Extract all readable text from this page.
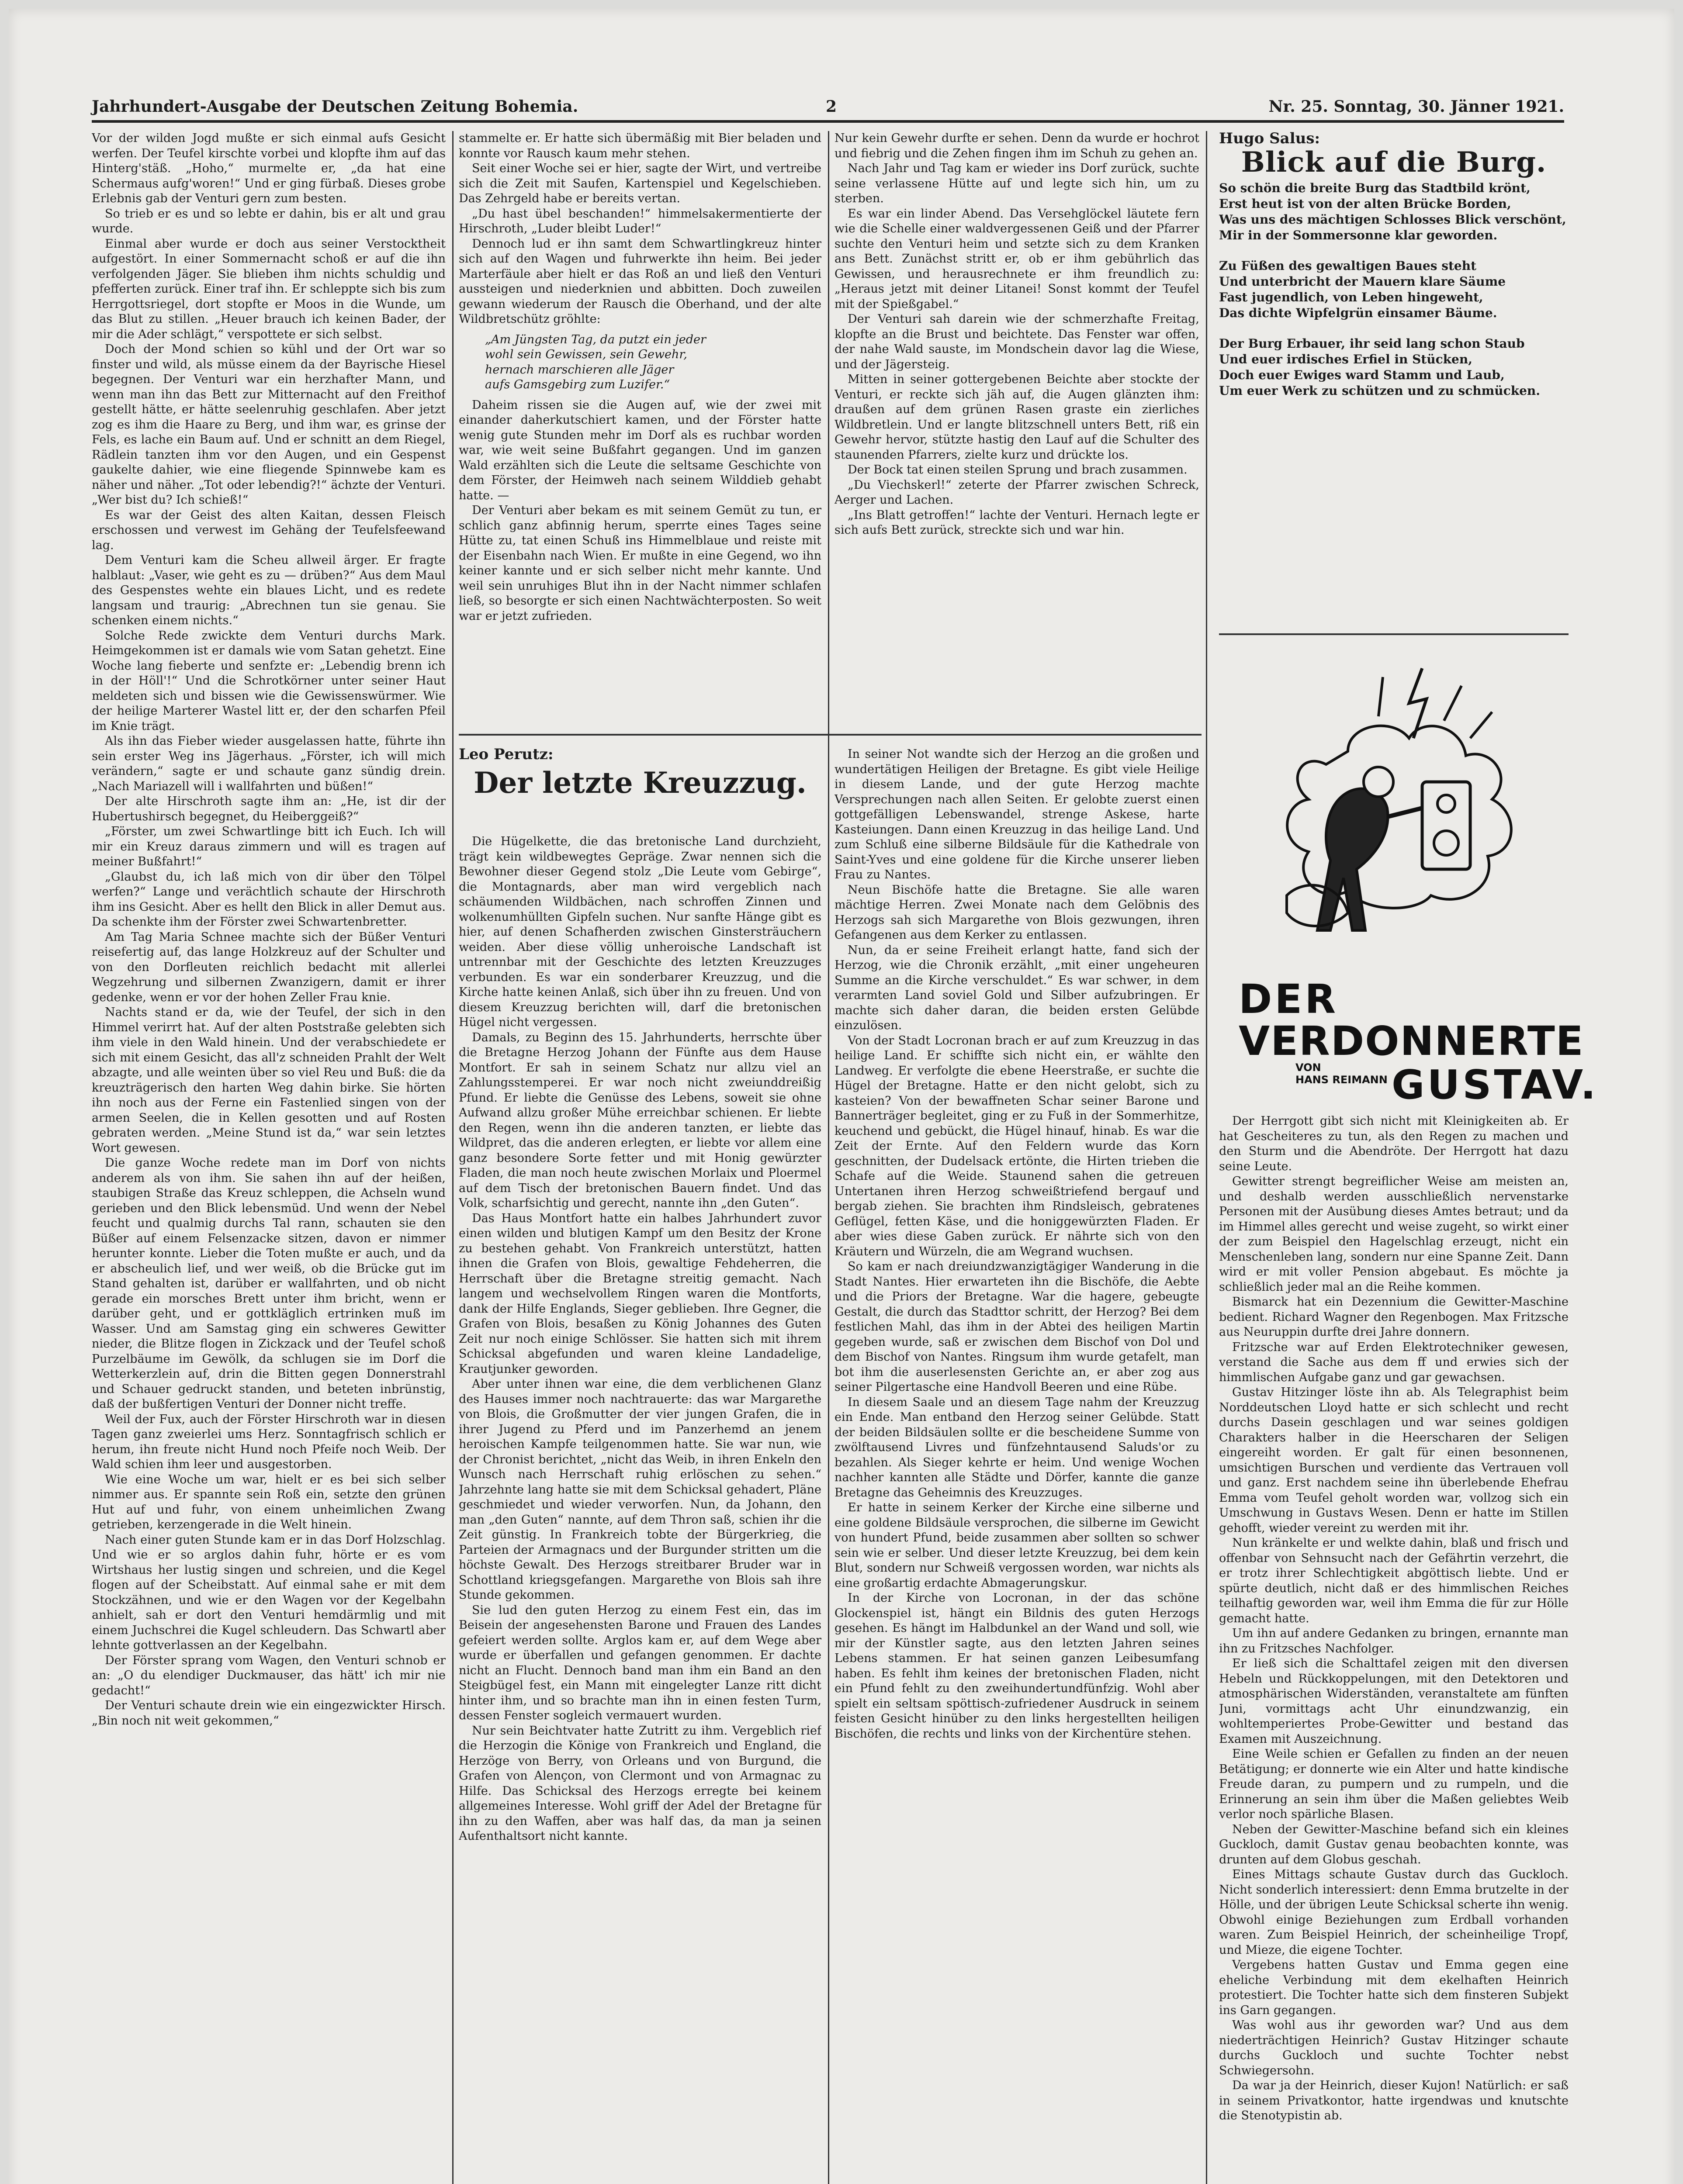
Jahrhundert-Ausgabe der Deutschen Zeitung Bohemia.	2	Nr. 25. Sonntag, 30. Jänner 1921.

Vor der wilden Jogd mußte er sich einmal aufs Gesicht werfen. Der Teufel kirschte vorbei und klopfte ihm auf das Hinterg'stäß. „Hoho,“ murmelte er, „da hat eine Schermaus aufg'woren!“ Und er ging fürbaß. Dieses grobe Erlebnis gab der Venturi gern zum besten.

So trieb er es und so lebte er dahin, bis er alt und grau wurde.

Einmal aber wurde er doch aus seiner Verstocktheit aufgestört. In einer Sommernacht schoß er auf die ihn verfolgenden Jäger. Sie blieben ihm nichts schuldig und pfefferten zurück. Einer traf ihn. Er schleppte sich bis zum Herrgottsriegel, dort stopfte er Moos in die Wunde, um das Blut zu stillen. „Heuer brauch ich keinen Bader, der mir die Ader schlägt,“ verspottete er sich selbst.

Doch der Mond schien so kühl und der Ort war so finster und wild, als müsse einem da der Bayrische Hiesel begegnen. Der Venturi war ein herzhafter Mann, und wenn man ihn das Bett zur Mitternacht auf den Freithof gestellt hätte, er hätte seelenruhig geschlafen. Aber jetzt zog es ihm die Haare zu Berg, und ihm war, es grinse der Fels, es lache ein Baum auf. Und er schnitt an dem Riegel, Rädlein tanzten ihm vor den Augen, und ein Gespenst gaukelte dahier, wie eine fliegende Spinnwebe kam es näher und näher. „Tot oder lebendig?!“ ächzte der Venturi. „Wer bist du? Ich schieß!“

Es war der Geist des alten Kaitan, dessen Fleisch erschossen und verwest im Gehäng der Teufelsfeewand lag.

Dem Venturi kam die Scheu allweil ärger. Er fragte halblaut: „Vaser, wie geht es zu — drüben?“ Aus dem Maul des Gespenstes wehte ein blaues Licht, und es redete langsam und traurig: „Abrechnen tun sie genau. Sie schenken einem nichts.“

Solche Rede zwickte dem Venturi durchs Mark. Heimgekommen ist er damals wie vom Satan gehetzt. Eine Woche lang fieberte und senfzte er: „Lebendig brenn ich in der Höll'!“ Und die Schrotkörner unter seiner Haut meldeten sich und bissen wie die Gewissenswürmer. Wie der heilige Marterer Wastel litt er, der den scharfen Pfeil im Knie trägt.

Als ihn das Fieber wieder ausgelassen hatte, führte ihn sein erster Weg ins Jägerhaus. „Förster, ich will mich verändern,“ sagte er und schaute ganz sündig drein. „Nach Mariazell will i wallfahrten und büßen!“

Der alte Hirschroth sagte ihm an: „He, ist dir der Hubertushirsch begegnet, du Heiberggeiß?“

„Förster, um zwei Schwartlinge bitt ich Euch. Ich will mir ein Kreuz daraus zimmern und will es tragen auf meiner Bußfahrt!“

„Glaubst du, ich laß mich von dir über den Tölpel werfen?“ Lange und verächtlich schaute der Hirschroth ihm ins Gesicht. Aber es hellt den Blick in aller Demut aus. Da schenkte ihm der Förster zwei Schwartenbretter.

Am Tag Maria Schnee machte sich der Büßer Venturi reisefertig auf, das lange Holzkreuz auf der Schulter und von den Dorfleuten reichlich bedacht mit allerlei Wegzehrung und silbernen Zwanzigern, damit er ihrer gedenke, wenn er vor der hohen Zeller Frau knie.

Nachts stand er da, wie der Teufel, der sich in den Himmel verirrt hat. Auf der alten Poststraße gelebten sich ihm viele in den Wald hinein. Und der verabschiedete er sich mit einem Gesicht, das all'z schneiden Prahlt der Welt abzagte, und alle weinten über so viel Reu und Buß: die da kreuzträgerisch den harten Weg dahin birke. Sie hörten ihn noch aus der Ferne ein Fastenlied singen von der armen Seelen, die in Kellen gesotten und auf Rosten gebraten werden. „Meine Stund ist da,“ war sein letztes Wort gewesen.

Die ganze Woche redete man im Dorf von nichts anderem als von ihm. Sie sahen ihn auf der heißen, staubigen Straße das Kreuz schleppen, die Achseln wund gerieben und den Blick lebensmüd. Und wenn der Nebel feucht und qualmig durchs Tal rann, schauten sie den Büßer auf einem Felsenzacke sitzen, davon er nimmer herunter konnte. Lieber die Toten mußte er auch, und da er abscheulich lief, und wer weiß, ob die Brücke gut im Stand gehalten ist, darüber er wallfahrten, und ob nicht gerade ein morsches Brett unter ihm bricht, wenn er darüber geht, und er gottkläglich ertrinken muß im Wasser. Und am Samstag ging ein schweres Gewitter nieder, die Blitze flogen in Zickzack und der Teufel schoß Purzelbäume im Gewölk, da schlugen sie im Dorf die Wetterkerzlein auf, drin die Bitten gegen Donnerstrahl und Schauer gedruckt standen, und beteten inbrünstig, daß der bußfertigen Venturi der Donner nicht treffe.

Weil der Fux, auch der Förster Hirschroth war in diesen Tagen ganz zweierlei ums Herz. Sonntagfrisch schlich er herum, ihn freute nicht Hund noch Pfeife noch Weib. Der Wald schien ihm leer und ausgestorben.

Wie eine Woche um war, hielt er es bei sich selber nimmer aus. Er spannte sein Roß ein, setzte den grünen Hut auf und fuhr, von einem unheimlichen Zwang getrieben, kerzengerade in die Welt hinein.

Nach einer guten Stunde kam er in das Dorf Holzschlag. Und wie er so arglos dahin fuhr, hörte er es vom Wirtshaus her lustig singen und schreien, und die Kegel flogen auf der Scheibstatt. Auf einmal sahe er mit dem Stockzähnen, und wie er den Wagen vor der Kegelbahn anhielt, sah er dort den Venturi hemdärmlig und mit einem Juchschrei die Kugel schleudern. Das Schwartl aber lehnte gottverlassen an der Kegelbahn.

Der Förster sprang vom Wagen, den Venturi schnob er an: „O du elendiger Duckmauser, das hätt' ich mir nie gedacht!“

Der Venturi schaute drein wie ein eingezwickter Hirsch. „Bin noch nit weit gekommen,“

stammelte er. Er hatte sich übermäßig mit Bier beladen und konnte vor Rausch kaum mehr stehen.

Seit einer Woche sei er hier, sagte der Wirt, und vertreibe sich die Zeit mit Saufen, Kartenspiel und Kegelschieben. Das Zehrgeld habe er bereits vertan.

„Du hast übel beschanden!“ himmelsakermentierte der Hirschroth, „Luder bleibt Luder!“

Dennoch lud er ihn samt dem Schwartlingkreuz hinter sich auf den Wagen und fuhrwerkte ihn heim. Bei jeder Marterfäule aber hielt er das Roß an und ließ den Venturi aussteigen und niederknien und abbitten. Doch zuweilen gewann wiederum der Rausch die Oberhand, und der alte Wildbretschütz gröhlte:

„Am Jüngsten Tag, da putzt ein jeder
wohl sein Gewissen, sein Gewehr,
hernach marschieren alle Jäger
aufs Gamsgebirg zum Luzifer.“

Daheim rissen sie die Augen auf, wie der zwei mit einander daherkutschiert kamen, und der Förster hatte wenig gute Stunden mehr im Dorf als es ruchbar worden war, wie weit seine Bußfahrt gegangen. Und im ganzen Wald erzählten sich die Leute die seltsame Geschichte von dem Förster, der Heimweh nach seinem Wilddieb gehabt hatte. —

Der Venturi aber bekam es mit seinem Gemüt zu tun, er schlich ganz abfinnig herum, sperrte eines Tages seine Hütte zu, tat einen Schuß ins Himmelblaue und reiste mit der Eisenbahn nach Wien. Er mußte in eine Gegend, wo ihn keiner kannte und er sich selber nicht mehr kannte. Und weil sein unruhiges Blut ihn in der Nacht nimmer schlafen ließ, so besorgte er sich einen Nachtwächterposten. So weit war er jetzt zufrieden.

Nur kein Gewehr durfte er sehen. Denn da wurde er hochrot und fiebrig und die Zehen fingen ihm im Schuh zu gehen an.

Nach Jahr und Tag kam er wieder ins Dorf zurück, suchte seine verlassene Hütte auf und legte sich hin, um zu sterben.

Es war ein linder Abend. Das Versehglöckel läutete fern wie die Schelle einer waldvergessenen Geiß und der Pfarrer suchte den Venturi heim und setzte sich zu dem Kranken ans Bett. Zunächst stritt er, ob er ihm gebührlich das Gewissen, und herausrechnete er ihm freundlich zu: „Heraus jetzt mit deiner Litanei! Sonst kommt der Teufel mit der Spießgabel.“

Der Venturi sah darein wie der schmerzhafte Freitag, klopfte an die Brust und beichtete. Das Fenster war offen, der nahe Wald sauste, im Mondschein davor lag die Wiese, und der Jägersteig.

Mitten in seiner gottergebenen Beichte aber stockte der Venturi, er reckte sich jäh auf, die Augen glänzten ihm: draußen auf dem grünen Rasen graste ein zierliches Wildbretlein. Und er langte blitzschnell unters Bett, riß ein Gewehr hervor, stützte hastig den Lauf auf die Schulter des staunenden Pfarrers, zielte kurz und drückte los.

Der Bock tat einen steilen Sprung und brach zusammen.

„Du Viechskerl!“ zeterte der Pfarrer zwischen Schreck, Aerger und Lachen.

„Ins Blatt getroffen!“ lachte der Venturi. Hernach legte er sich aufs Bett zurück, streckte sich und war hin.

Leo Perutz:
Der letzte Kreuzzug.

Die Hügelkette, die das bretonische Land durchzieht, trägt kein wildbewegtes Gepräge. Zwar nennen sich die Bewohner dieser Gegend stolz „Die Leute vom Gebirge“, die Montagnards, aber man wird vergeblich nach schäumenden Wildbächen, nach schroffen Zinnen und wolkenumhüllten Gipfeln suchen. Nur sanfte Hänge gibt es hier, auf denen Schafherden zwischen Ginstersträuchern weiden. Aber diese völlig unheroische Landschaft ist untrennbar mit der Geschichte des letzten Kreuzzuges verbunden. Es war ein sonderbarer Kreuzzug, und die Kirche hatte keinen Anlaß, sich über ihn zu freuen. Und von diesem Kreuzzug berichten will, darf die bretonischen Hügel nicht vergessen.

Damals, zu Beginn des 15. Jahrhunderts, herrschte über die Bretagne Herzog Johann der Fünfte aus dem Hause Montfort. Er sah in seinem Schatz nur allzu viel an Zahlungsstemperei. Er war noch nicht zweiunddreißig Pfund. Er liebte die Genüsse des Lebens, soweit sie ohne Aufwand allzu großer Mühe erreichbar schienen. Er liebte den Regen, wenn ihn die anderen tanzten, er liebte das Wildpret, das die anderen erlegten, er liebte vor allem eine ganz besondere Sorte fetter und mit Honig gewürzter Fladen, die man noch heute zwischen Morlaix und Ploermel auf dem Tisch der bretonischen Bauern findet. Und das Volk, scharfsichtig und gerecht, nannte ihn „den Guten“.

Das Haus Montfort hatte ein halbes Jahrhundert zuvor einen wilden und blutigen Kampf um den Besitz der Krone zu bestehen gehabt. Von Frankreich unterstützt, hatten ihnen die Grafen von Blois, gewaltige Fehdeherren, die Herrschaft über die Bretagne streitig gemacht. Nach langem und wechselvollem Ringen waren die Montforts, dank der Hilfe Englands, Sieger geblieben. Ihre Gegner, die Grafen von Blois, besaßen zu König Johannes des Guten Zeit nur noch einige Schlösser. Sie hatten sich mit ihrem Schicksal abgefunden und waren kleine Landadelige, Krautjunker geworden.

Aber unter ihnen war eine, die dem verblichenen Glanz des Hauses immer noch nachtrauerte: das war Margarethe von Blois, die Großmutter der vier jungen Grafen, die in ihrer Jugend zu Pferd und im Panzerhemd an jenem heroischen Kampfe teilgenommen hatte. Sie war nun, wie der Chronist berichtet, „nicht das Weib, in ihren Enkeln den Wunsch nach Herrschaft ruhig erlöschen zu sehen.“ Jahrzehnte lang hatte sie mit dem Schicksal gehadert, Pläne geschmiedet und wieder verworfen. Nun, da Johann, den man „den Guten“ nannte, auf dem Thron saß, schien ihr die Zeit günstig. In Frankreich tobte der Bürgerkrieg, die Parteien der Armagnacs und der Burgunder stritten um die höchste Gewalt. Des Herzogs streitbarer Bruder war in Schottland kriegsgefangen. Margarethe von Blois sah ihre Stunde gekommen.

Sie lud den guten Herzog zu einem Fest ein, das im Beisein der angesehensten Barone und Frauen des Landes gefeiert werden sollte. Arglos kam er, auf dem Wege aber wurde er überfallen und gefangen genommen. Er dachte nicht an Flucht. Dennoch band man ihm ein Band an den Steigbügel fest, ein Mann mit eingelegter Lanze ritt dicht hinter ihm, und so brachte man ihn in einen festen Turm, dessen Fenster sogleich vermauert wurden.

Nur sein Beichtvater hatte Zutritt zu ihm. Vergeblich rief die Herzogin die Könige von Frankreich und England, die Herzöge von Berry, von Orleans und von Burgund, die Grafen von Alençon, von Clermont und von Armagnac zu Hilfe. Das Schicksal des Herzogs erregte bei keinem allgemeines Interesse. Wohl griff der Adel der Bretagne für ihn zu den Waffen, aber was half das, da man ja seinen Aufenthaltsort nicht kannte.

In seiner Not wandte sich der Herzog an die großen und wundertätigen Heiligen der Bretagne. Es gibt viele Heilige in diesem Lande, und der gute Herzog machte Versprechungen nach allen Seiten. Er gelobte zuerst einen gottgefälligen Lebenswandel, strenge Askese, harte Kasteiungen. Dann einen Kreuzzug in das heilige Land. Und zum Schluß eine silberne Bildsäule für die Kathedrale von Saint-Yves und eine goldene für die Kirche unserer lieben Frau zu Nantes.

Neun Bischöfe hatte die Bretagne. Sie alle waren mächtige Herren. Zwei Monate nach dem Gelöbnis des Herzogs sah sich Margarethe von Blois gezwungen, ihren Gefangenen aus dem Kerker zu entlassen.

Nun, da er seine Freiheit erlangt hatte, fand sich der Herzog, wie die Chronik erzählt, „mit einer ungeheuren Summe an die Kirche verschuldet.“ Es war schwer, in dem verarmten Land soviel Gold und Silber aufzubringen. Er machte sich daher daran, die beiden ersten Gelübde einzulösen.

Von der Stadt Locronan brach er auf zum Kreuzzug in das heilige Land. Er schiffte sich nicht ein, er wählte den Landweg. Er verfolgte die ebene Heerstraße, er suchte die Hügel der Bretagne. Hatte er den nicht gelobt, sich zu kasteien? Von der bewaffneten Schar seiner Barone und Bannerträger begleitet, ging er zu Fuß in der Sommerhitze, keuchend und gebückt, die Hügel hinauf, hinab. Es war die Zeit der Ernte. Auf den Feldern wurde das Korn geschnitten, der Dudelsack ertönte, die Hirten trieben die Schafe auf die Weide. Staunend sahen die getreuen Untertanen ihren Herzog schweißtriefend bergauf und bergab ziehen. Sie brachten ihm Rindsleisch, gebratenes Geflügel, fetten Käse, und die honiggewürzten Fladen. Er aber wies diese Gaben zurück. Er nährte sich von den Kräutern und Würzeln, die am Wegrand wuchsen.

So kam er nach dreiundzwanzigtägiger Wanderung in die Stadt Nantes. Hier erwarteten ihn die Bischöfe, die Aebte und die Priors der Bretagne. War die hagere, gebeugte Gestalt, die durch das Stadttor schritt, der Herzog? Bei dem festlichen Mahl, das ihm in der Abtei des heiligen Martin gegeben wurde, saß er zwischen dem Bischof von Dol und dem Bischof von Nantes. Ringsum ihm wurde getafelt, man bot ihm die auserlesensten Gerichte an, er aber zog aus seiner Pilgertasche eine Handvoll Beeren und eine Rübe.

In diesem Saale und an diesem Tage nahm der Kreuzzug ein Ende. Man entband den Herzog seiner Gelübde. Statt der beiden Bildsäulen sollte er die bescheidene Summe von zwölftausend Livres und fünfzehntausend Saluds'or zu bezahlen. Als Sieger kehrte er heim. Und wenige Wochen nachher kannten alle Städte und Dörfer, kannte die ganze Bretagne das Geheimnis des Kreuzzuges.

Er hatte in seinem Kerker der Kirche eine silberne und eine goldene Bildsäule versprochen, die silberne im Gewicht von hundert Pfund, beide zusammen aber sollten so schwer sein wie er selber. Und dieser letzte Kreuzzug, bei dem kein Blut, sondern nur Schweiß vergossen worden, war nichts als eine großartig erdachte Abmagerungskur.

In der Kirche von Locronan, in der das schöne Glockenspiel ist, hängt ein Bildnis des guten Herzogs gesehen. Es hängt im Halbdunkel an der Wand und soll, wie mir der Künstler sagte, aus den letzten Jahren seines Lebens stammen. Er hat seinen ganzen Leibesumfang haben. Es fehlt ihm keines der bretonischen Fladen, nicht ein Pfund fehlt zu den zweihundertundfünfzig. Wohl aber spielt ein seltsam spöttisch-zufriedener Ausdruck in seinem feisten Gesicht hinüber zu den links hergestellten heiligen Bischöfen, die rechts und links von der Kirchentüre stehen.

Hugo Salus:
Blick auf die Burg.
So schön die breite Burg das Stadtbild krönt,
Erst heut ist von der alten Brücke Borden,
Was uns des mächtigen Schlosses Blick verschönt,
Mir in der Sommersonne klar geworden.
Zu Füßen des gewaltigen Baues steht
Und unterbricht der Mauern klare Säume
Fast jugendlich, von Leben hingeweht,
Das dichte Wipfelgrün einsamer Bäume.
Der Burg Erbauer, ihr seid lang schon Staub
Und euer irdisches Erfiel in Stücken,
Doch euer Ewiges ward Stamm und Laub,
Um euer Werk zu schützen und zu schmücken.
DER
VERDONNERTE
VON
HANS REIMANN GUSTAV.

Der Herrgott gibt sich nicht mit Kleinigkeiten ab. Er hat Gescheiteres zu tun, als den Regen zu machen und den Sturm und die Abendröte. Der Herrgott hat dazu seine Leute.

Gewitter strengt begreiflicher Weise am meisten an, und deshalb werden ausschließlich nervenstarke Personen mit der Ausübung dieses Amtes betraut; und da im Himmel alles gerecht und weise zugeht, so wirkt einer der zum Beispiel den Hagelschlag erzeugt, nicht ein Menschenleben lang, sondern nur eine Spanne Zeit. Dann wird er mit voller Pension abgebaut. Es möchte ja schließlich jeder mal an die Reihe kommen.

Bismarck hat ein Dezennium die Gewitter-Maschine bedient. Richard Wagner den Regenbogen. Max Fritzsche aus Neuruppin durfte drei Jahre donnern.

Fritzsche war auf Erden Elektrotechniker gewesen, verstand die Sache aus dem ff und erwies sich der himmlischen Aufgabe ganz und gar gewachsen.

Gustav Hitzinger löste ihn ab. Als Telegraphist beim Norddeutschen Lloyd hatte er sich schlecht und recht durchs Dasein geschlagen und war seines goldigen Charakters halber in die Heerscharen der Seligen eingereiht worden. Er galt für einen besonnenen, umsichtigen Burschen und verdiente das Vertrauen voll und ganz. Erst nachdem seine ihn überlebende Ehefrau Emma vom Teufel geholt worden war, vollzog sich ein Umschwung in Gustavs Wesen. Denn er hatte im Stillen gehofft, wieder vereint zu werden mit ihr.

Nun kränkelte er und welkte dahin, blaß und frisch und offenbar von Sehnsucht nach der Gefährtin verzehrt, die er trotz ihrer Schlechtigkeit abgöttisch liebte. Und er spürte deutlich, nicht daß er des himmlischen Reiches teilhaftig geworden war, weil ihm Emma die für zur Hölle gemacht hatte.

Um ihn auf andere Gedanken zu bringen, ernannte man ihn zu Fritzsches Nachfolger.

Er ließ sich die Schalttafel zeigen mit den diversen Hebeln und Rückkoppelungen, mit den Detektoren und atmosphärischen Widerständen, veranstaltete am fünften Juni, vormittags acht Uhr einundzwanzig, ein wohltemperiertes Probe-Gewitter und bestand das Examen mit Auszeichnung.

Eine Weile schien er Gefallen zu finden an der neuen Betätigung; er donnerte wie ein Alter und hatte kindische Freude daran, zu pumpern und zu rumpeln, und die Erinnerung an sein ihm über die Maßen geliebtes Weib verlor noch spärliche Blasen.

Neben der Gewitter-Maschine befand sich ein kleines Guckloch, damit Gustav genau beobachten konnte, was drunten auf dem Globus geschah.

Eines Mittags schaute Gustav durch das Guckloch. Nicht sonderlich interessiert: denn Emma brutzelte in der Hölle, und der übrigen Leute Schicksal scherte ihn wenig. Obwohl einige Beziehungen zum Erdball vorhanden waren. Zum Beispiel Heinrich, der scheinheilige Tropf, und Mieze, die eigene Tochter.

Vergebens hatten Gustav und Emma gegen eine eheliche Verbindung mit dem ekelhaften Heinrich protestiert. Die Tochter hatte sich dem finsteren Subjekt ins Garn gegangen.

Was wohl aus ihr geworden war? Und aus dem niederträchtigen Heinrich? Gustav Hitzinger schaute durchs Guckloch und suchte Tochter nebst Schwiegersohn.

Da war ja der Heinrich, dieser Kujon! Natürlich: er saß in seinem Privatkontor, hatte irgendwas und knutschte die Stenotypistin ab.
